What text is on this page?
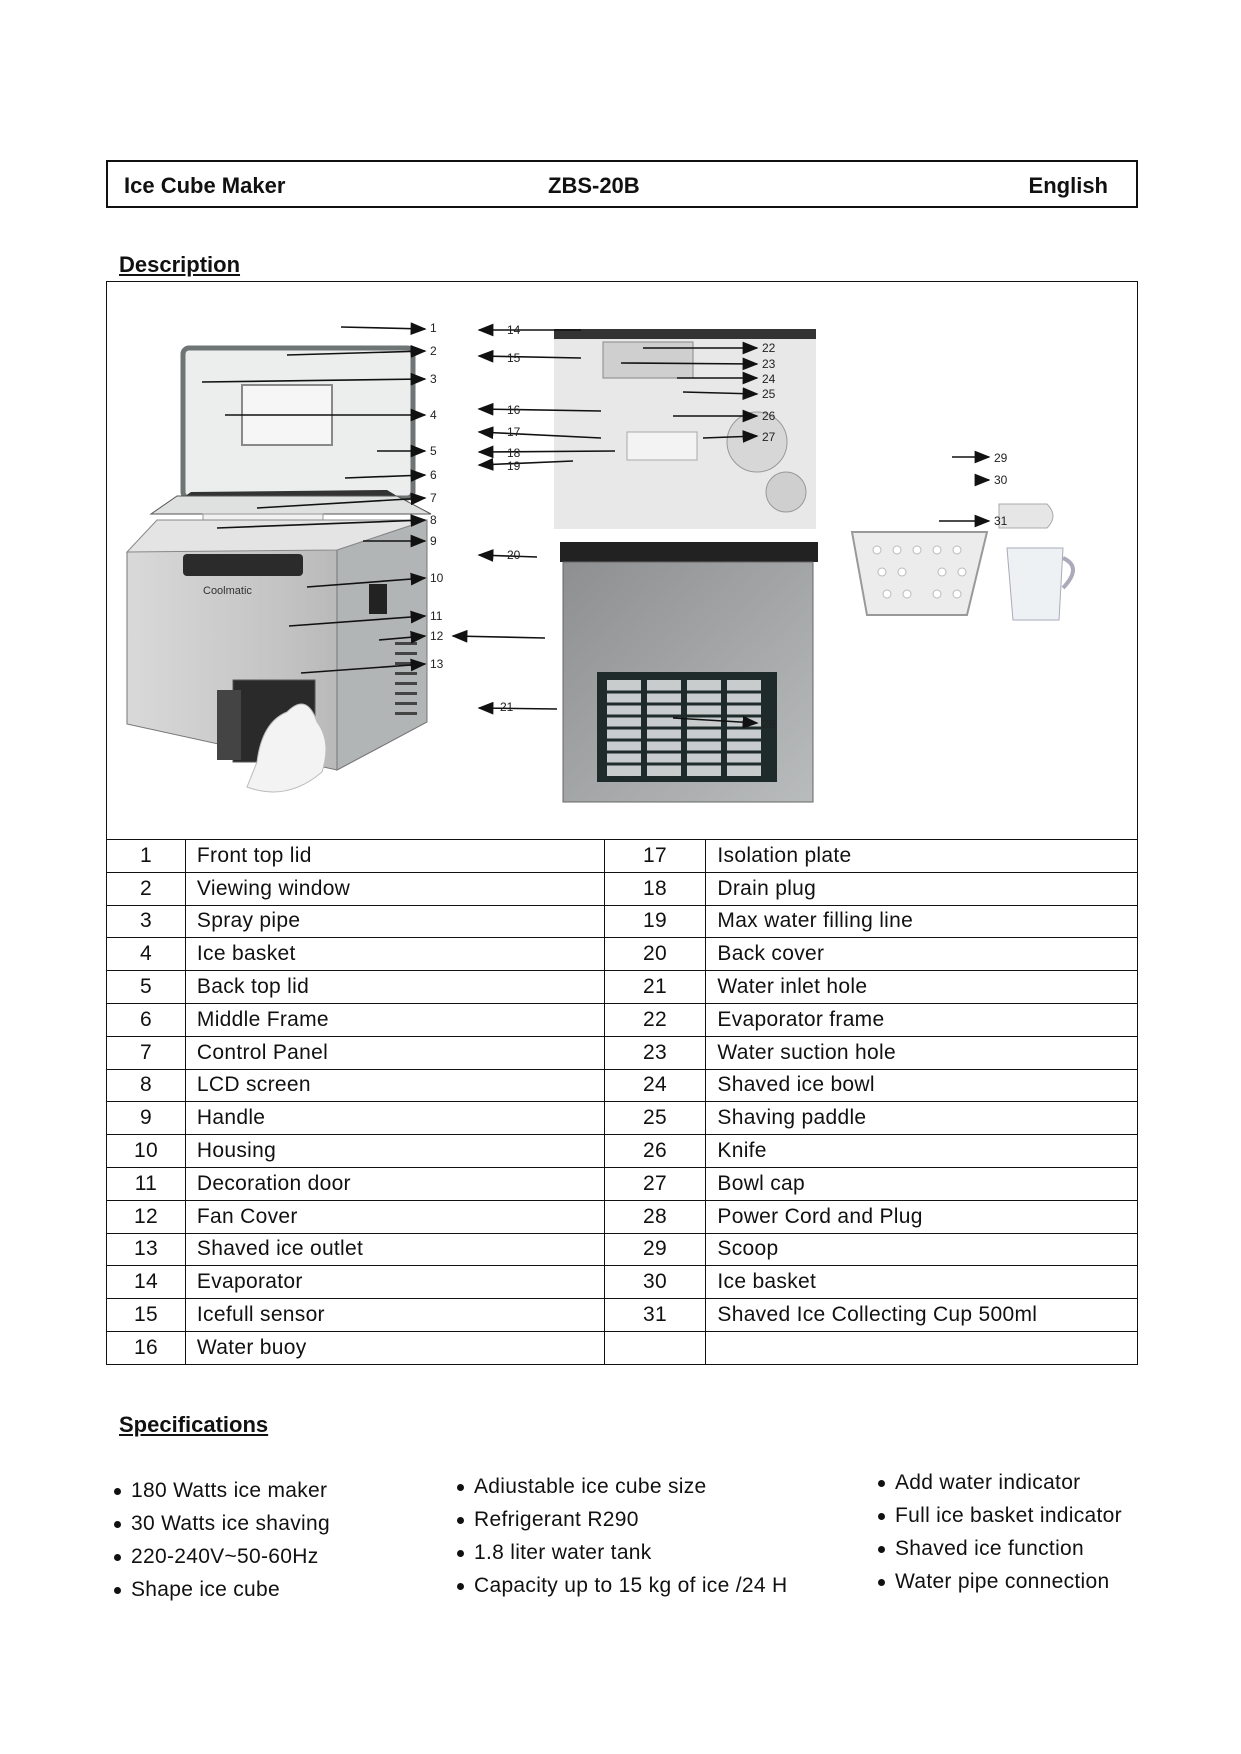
Ice Cube Maker	ZBS-20B	English
Description
Coolmatic
1
2
3
4
5
6
7
8
9
10
11
12
13
14
15
16
17
18
19
20
21
22
23
24
25
26
27
28
29
30
31
1	Front top lid	17	Isolation plate
2	Viewing window	18	Drain plug
3	Spray pipe	19	Max water filling line
4	Ice basket	20	Back cover
5	Back top lid	21	Water inlet hole
6	Middle Frame	22	Evaporator frame
7	Control Panel	23	Water suction hole
8	LCD screen	24	Shaved ice bowl
9	Handle	25	Shaving paddle
10	Housing	26	Knife
11	Decoration door	27	Bowl cap
12	Fan Cover	28	Power Cord and Plug
13	Shaved ice outlet	29	Scoop
14	Evaporator	30	Ice basket
15	Icefull sensor	31	Shaved Ice Collecting Cup 500ml
16	Water buoy		
Specifications
180 Watts ice maker
30 Watts ice shaving
220-240V~50-60Hz
Shape ice cube
Adiustable ice cube size
Refrigerant R290
1.8 liter water tank
Capacity up to 15 kg of ice /24 H
Add water indicator
Full ice basket indicator
Shaved ice function
Water pipe connection
